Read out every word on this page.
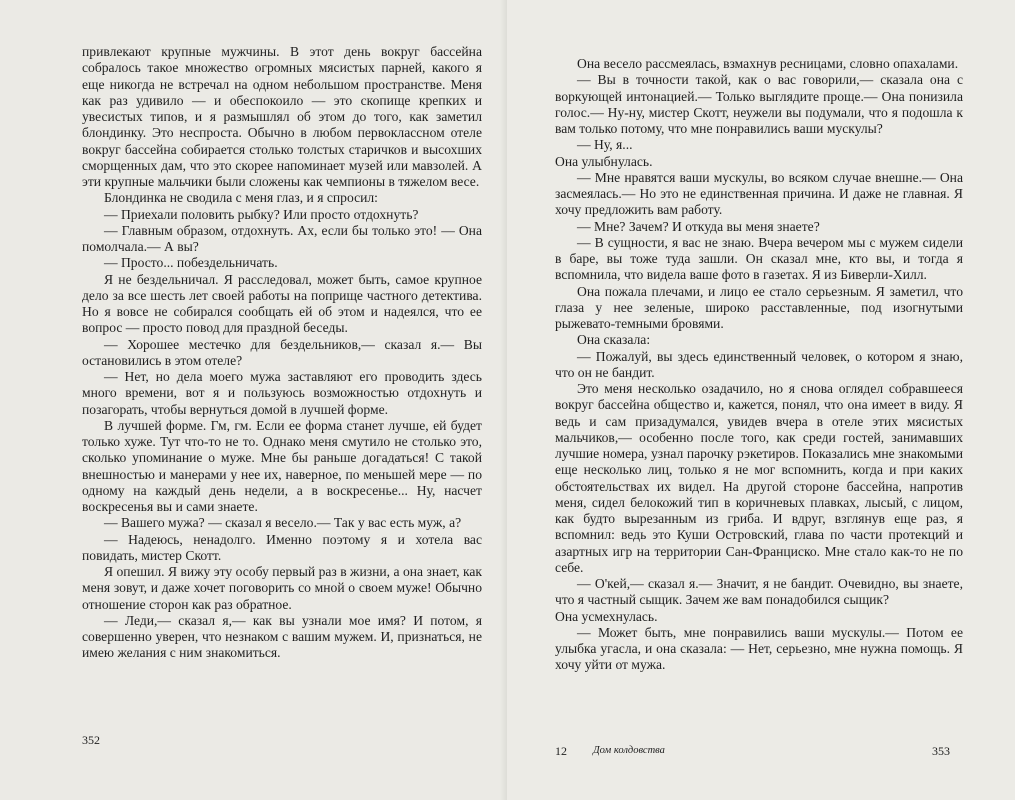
привлекают крупные мужчины. В этот день вокруг бассейна собралось такое множество огромных мясистых парней, какого я еще никогда не встречал на одном небольшом пространстве. Меня как раз удивило — и обеспокоило — это скопище крепких и увесистых типов, и я размышлял об этом до того, как заметил блондинку. Это неспроста. Обычно в любом первоклассном отеле вокруг бассейна собирается столько толстых старичков и высохших сморщенных дам, что это скорее напоминает музей или мавзолей. А эти крупные мальчики были сложены как чемпионы в тяжелом весе.

Блондинка не сводила с меня глаз, и я спросил:

— Приехали половить рыбку? Или просто отдохнуть?

— Главным образом, отдохнуть. Ах, если бы только это! — Она помолчала.— А вы?

— Просто... побездельничать.

Я не бездельничал. Я расследовал, может быть, самое крупное дело за все шесть лет своей работы на поприще частного детектива. Но я вовсе не собирался сообщать ей об этом и надеялся, что ее вопрос — просто повод для праздной беседы.

— Хорошее местечко для бездельников,— сказал я.— Вы остановились в этом отеле?

— Нет, но дела моего мужа заставляют его проводить здесь много времени, вот я и пользуюсь возможностью отдохнуть и позагорать, чтобы вернуться домой в лучшей форме.

В лучшей форме. Гм, гм. Если ее форма станет лучше, ей будет только хуже. Тут что-то не то. Однако меня смутило не столько это, сколько упоминание о муже. Мне бы раньше догадаться! С такой внешностью и манерами у нее их, наверное, по меньшей мере — по одному на каждый день недели, а в воскресенье... Ну, насчет воскресенья вы и сами знаете.

— Вашего мужа? — сказал я весело.— Так у вас есть муж, а?

— Надеюсь, ненадолго. Именно поэтому я и хотела вас повидать, мистер Скотт.

Я опешил. Я вижу эту особу первый раз в жизни, а она знает, как меня зовут, и даже хочет поговорить со мной о своем муже! Обычно отношение сторон как раз обратное.

— Леди,— сказал я,— как вы узнали мое имя? И потом, я совершенно уверен, что незнаком с вашим мужем. И, признаться, не имею желания с ним знакомиться.

352

Она весело рассмеялась, взмахнув ресницами, словно опахалами.

— Вы в точности такой, как о вас говорили,— сказала она с воркующей интонацией.— Только выглядите проще.— Она понизила голос.— Ну-ну, мистер Скотт, неужели вы подумали, что я подошла к вам только потому, что мне понравились ваши мускулы?

— Ну, я...

Она улыбнулась.

— Мне нравятся ваши мускулы, во всяком случае внешне.— Она засмеялась.— Но это не единственная причина. И даже не главная. Я хочу предложить вам работу.

— Мне? Зачем? И откуда вы меня знаете?

— В сущности, я вас не знаю. Вчера вечером мы с мужем сидели в баре, вы тоже туда зашли. Он сказал мне, кто вы, и тогда я вспомнила, что видела ваше фото в газетах. Я из Биверли-Хилл.

Она пожала плечами, и лицо ее стало серьезным. Я заметил, что глаза у нее зеленые, широко расставленные, под изогнутыми рыжевато-темными бровями.

Она сказала:

— Пожалуй, вы здесь единственный человек, о котором я знаю, что он не бандит.

Это меня несколько озадачило, но я снова оглядел собравшееся вокруг бассейна общество и, кажется, понял, что она имеет в виду. Я ведь и сам призадумался, увидев вчера в отеле этих мясистых мальчиков,— особенно после того, как среди гостей, занимавших лучшие номера, узнал парочку рэкетиров. Показались мне знакомыми еще несколько лиц, только я не мог вспомнить, когда и при каких обстоятельствах их видел. На другой стороне бассейна, напротив меня, сидел белокожий тип в коричневых плавках, лысый, с лицом, как будто вырезанным из гриба. И вдруг, взглянув еще раз, я вспомнил: ведь это Куши Островский, глава по части протекций и азартных игр на территории Сан-Франциско. Мне стало как-то не по себе.

— О'кей,— сказал я.— Значит, я не бандит. Очевидно, вы знаете, что я частный сыщик. Зачем же вам понадобился сыщик?

Она усмехнулась.

— Может быть, мне понравились ваши мускулы.— Потом ее улыбка угасла, и она сказала: — Нет, серьезно, мне нужна помощь. Я хочу уйти от мужа.

12 Дом колдовства	353
